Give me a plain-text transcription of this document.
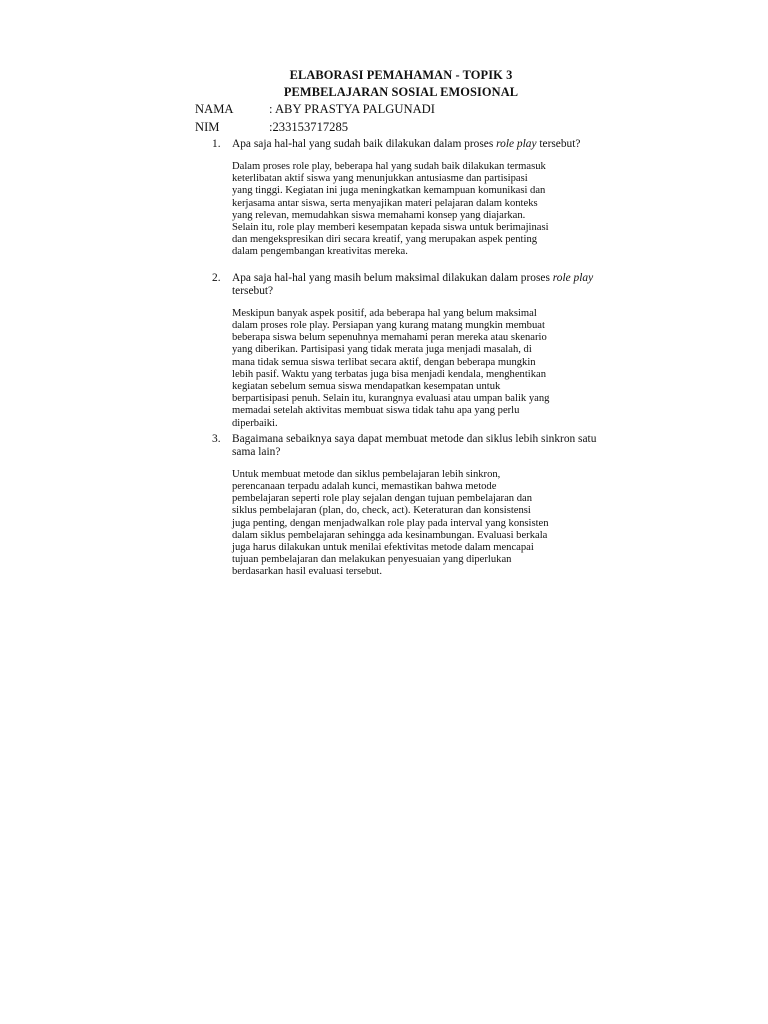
ELABORASI PEMAHAMAN - TOPIK 3
PEMBELAJARAN SOSIAL EMOSIONAL
NAMA	: ABY PRASTYA PALGUNADI
NIM	:233153717285
1. Apa saja hal-hal yang sudah baik dilakukan dalam proses role play tersebut?
Dalam proses role play, beberapa hal yang sudah baik dilakukan termasuk
keterlibatan aktif siswa yang menunjukkan antusiasme dan partisipasi
yang tinggi. Kegiatan ini juga meningkatkan kemampuan komunikasi dan
kerjasama antar siswa, serta menyajikan materi pelajaran dalam konteks
yang relevan, memudahkan siswa memahami konsep yang diajarkan.
Selain itu, role play memberi kesempatan kepada siswa untuk berimajinasi
dan mengekspresikan diri secara kreatif, yang merupakan aspek penting
dalam pengembangan kreativitas mereka.
2. Apa saja hal-hal yang masih belum maksimal dilakukan dalam proses role play tersebut?
Meskipun banyak aspek positif, ada beberapa hal yang belum maksimal
dalam proses role play. Persiapan yang kurang matang mungkin membuat
beberapa siswa belum sepenuhnya memahami peran mereka atau skenario
yang diberikan. Partisipasi yang tidak merata juga menjadi masalah, di
mana tidak semua siswa terlibat secara aktif, dengan beberapa mungkin
lebih pasif. Waktu yang terbatas juga bisa menjadi kendala, menghentikan
kegiatan sebelum semua siswa mendapatkan kesempatan untuk
berpartisipasi penuh. Selain itu, kurangnya evaluasi atau umpan balik yang
memadai setelah aktivitas membuat siswa tidak tahu apa yang perlu
diperbaiki.
3. Bagaimana sebaiknya saya dapat membuat metode dan siklus lebih sinkron satu sama lain?
Untuk membuat metode dan siklus pembelajaran lebih sinkron,
perencanaan terpadu adalah kunci, memastikan bahwa metode
pembelajaran seperti role play sejalan dengan tujuan pembelajaran dan
siklus pembelajaran (plan, do, check, act). Keteraturan dan konsistensi
juga penting, dengan menjadwalkan role play pada interval yang konsisten
dalam siklus pembelajaran sehingga ada kesinambungan. Evaluasi berkala
juga harus dilakukan untuk menilai efektivitas metode dalam mencapai
tujuan pembelajaran dan melakukan penyesuaian yang diperlukan
berdasarkan hasil evaluasi tersebut.
